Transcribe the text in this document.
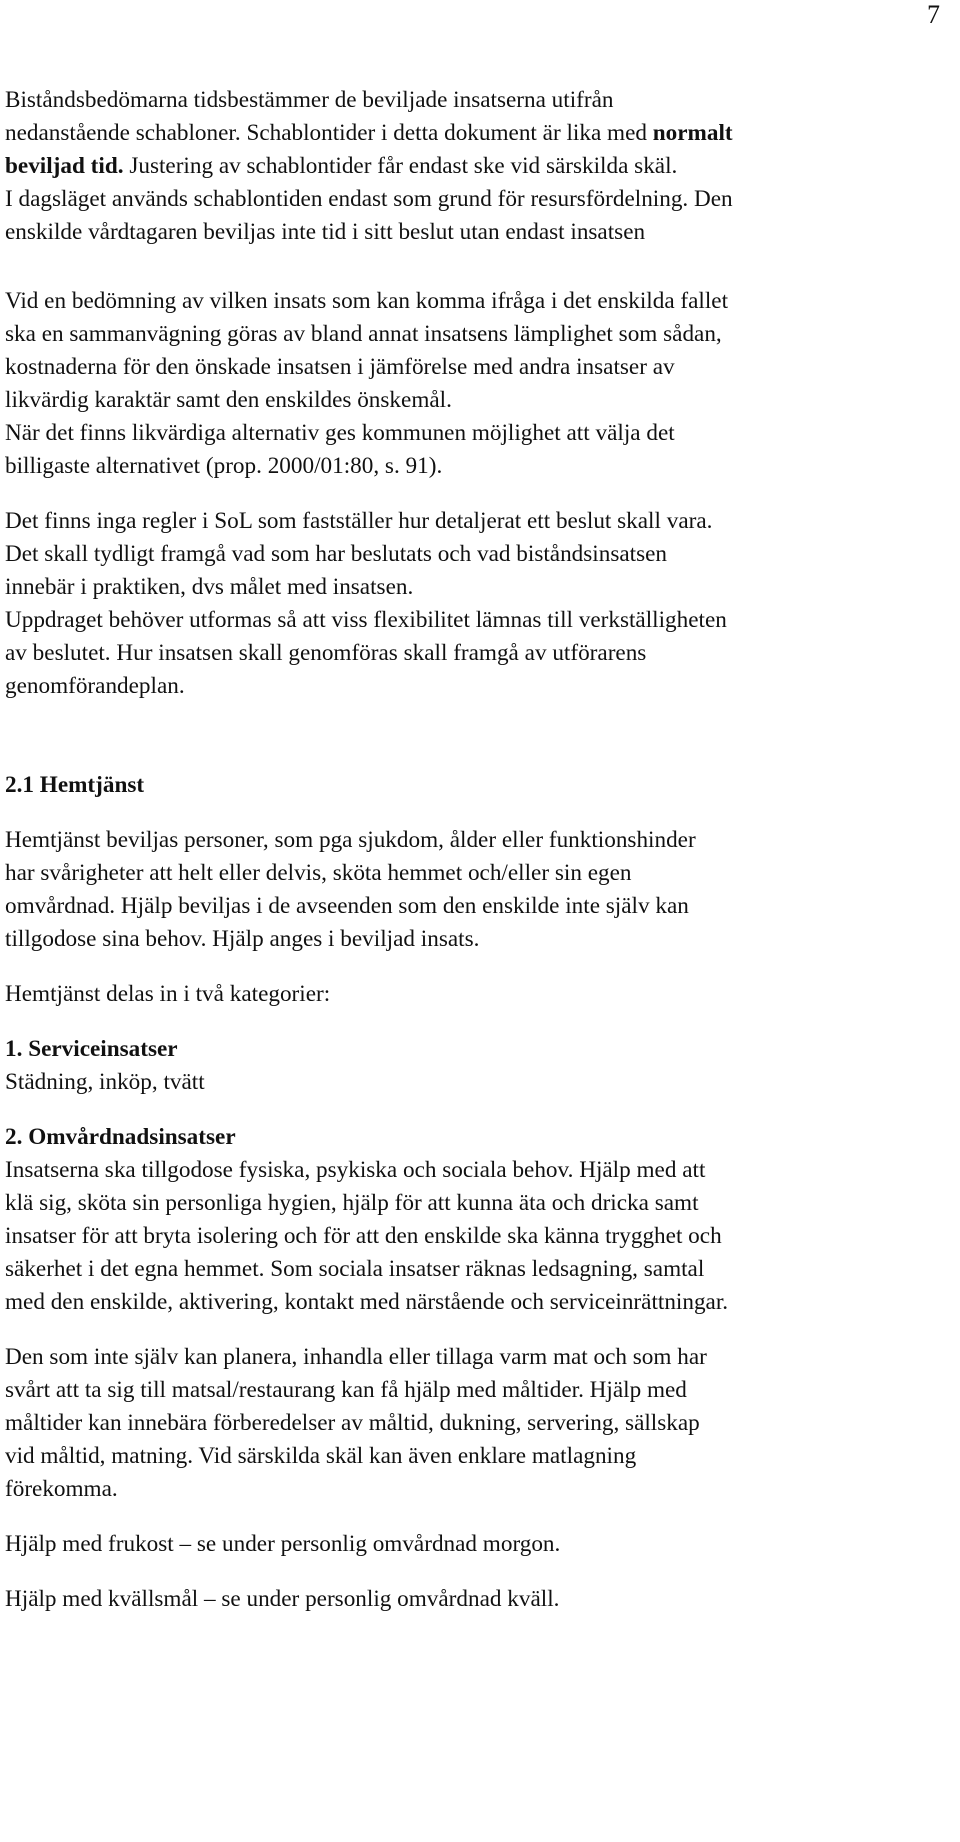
7

Biståndsbedömarna tidsbestämmer de beviljade insatserna utifrån
nedanstående schabloner. Schablontider i detta dokument är lika med normalt
beviljad tid. Justering av schablontider får endast ske vid särskilda skäl.
I dagsläget används schablontiden endast som grund för resursfördelning. Den
enskilde vårdtagaren beviljas inte tid i sitt beslut utan endast insatsen

Vid en bedömning av vilken insats som kan komma ifråga i det enskilda fallet
ska en sammanvägning göras av bland annat insatsens lämplighet som sådan,
kostnaderna för den önskade insatsen i jämförelse med andra insatser av
likvärdig karaktär samt den enskildes önskemål.
När det finns likvärdiga alternativ ges kommunen möjlighet att välja det
billigaste alternativet (prop. 2000/01:80, s. 91).

Det finns inga regler i SoL som fastställer hur detaljerat ett beslut skall vara.
Det skall tydligt framgå vad som har beslutats och vad biståndsinsatsen
innebär i praktiken, dvs målet med insatsen.
Uppdraget behöver utformas så att viss flexibilitet lämnas till verkställigheten
av beslutet. Hur insatsen skall genomföras skall framgå av utförarens
genomförandeplan.

2.1 Hemtjänst

Hemtjänst beviljas personer, som pga sjukdom, ålder eller funktionshinder
har svårigheter att helt eller delvis, sköta hemmet och/eller sin egen
omvårdnad. Hjälp beviljas i de avseenden som den enskilde inte själv kan
tillgodose sina behov. Hjälp anges i beviljad insats.

Hemtjänst delas in i två kategorier:

1. Serviceinsatser
Städning, inköp, tvätt

2. Omvårdnadsinsatser
Insatserna ska tillgodose fysiska, psykiska och sociala behov. Hjälp med att
klä sig, sköta sin personliga hygien, hjälp för att kunna äta och dricka samt
insatser för att bryta isolering och för att den enskilde ska känna trygghet och
säkerhet i det egna hemmet. Som sociala insatser räknas ledsagning, samtal
med den enskilde, aktivering, kontakt med närstående och serviceinrättningar.

Den som inte själv kan planera, inhandla eller tillaga varm mat och som har
svårt att ta sig till matsal/restaurang kan få hjälp med måltider. Hjälp med
måltider kan innebära förberedelser av måltid, dukning, servering, sällskap
vid måltid, matning. Vid särskilda skäl kan även enklare matlagning
förekomma.

Hjälp med frukost – se under personlig omvårdnad morgon.

Hjälp med kvällsmål – se under personlig omvårdnad kväll.
